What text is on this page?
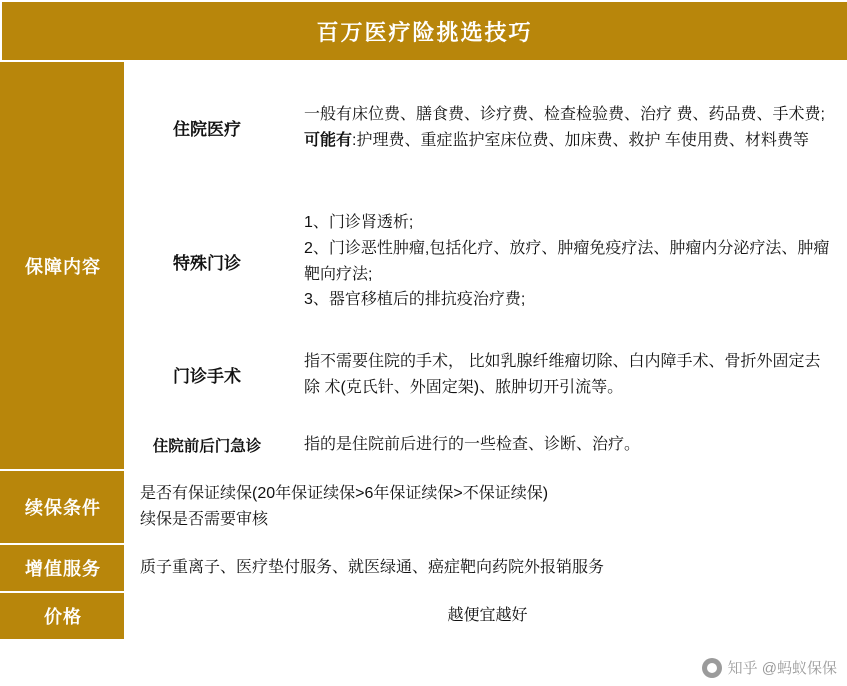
百万医疗险挑选技巧		
保障内容	住院医疗	一般有床位费、膳食费、诊疗费、检查检验费、治疗 费、药品费、手术费;
可能有:护理费、重症监护室床位费、加床费、救护 车使用费、材料费等

	特殊门诊	1、门诊肾透析;
2、门诊恶性肿瘤,包括化疗、放疗、肿瘤免疫疗法、肿瘤内分泌疗法、肿瘤靶向疗法;
3、器官移植后的排抗疫治疗费;

	门诊手术	指不需要住院的手术， 比如乳腺纤维瘤切除、白内障手术、骨折外固定去除 术(克氏针、外固定架)、脓肿切开引流等。

	住院前后门急诊	指的是住院前后进行的一些检查、诊断、治疗。

续保条件	是否有保证续保(20年保证续保>6年保证续保>不保证续保)
续保是否需要审核	

增值服务	质子重离子、医疗垫付服务、就医绿通、癌症靶向药院外报销服务	

价格	越便宜越好	
知乎 @蚂蚁保保
